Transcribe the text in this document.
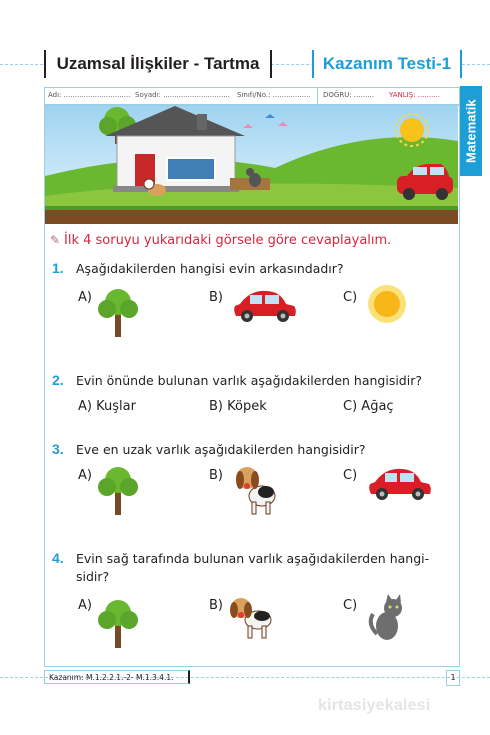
Uzamsal İlişkiler - Tartma	Kazanım Testi-1
Adı: .............................. Soyadı: .............................. Sınıfı/No.: ................. DOĞRU: ......... YANLIŞ: ..........
Matematik
✎ İlk 4 soruyu yukarıdaki görsele göre cevaplayalım.
1. Aşağıdakilerden hangisi evin arkasındadır?
A)	B)	C)
2. Evin önünde bulunan varlık aşağıdakilerden hangisidir?
A) Kuşlar	B) Köpek	C) Ağaç
3. Eve en uzak varlık aşağıdakilerden hangisidir?
A)	B)	C)
4. Evin sağ tarafında bulunan varlık aşağıdakilerden hangi-
sidir?
A)	B)	C)
Kazanım: M.1.2.2.1.-2- M.1.3.4.1.	1
kirtasiyekalesi
